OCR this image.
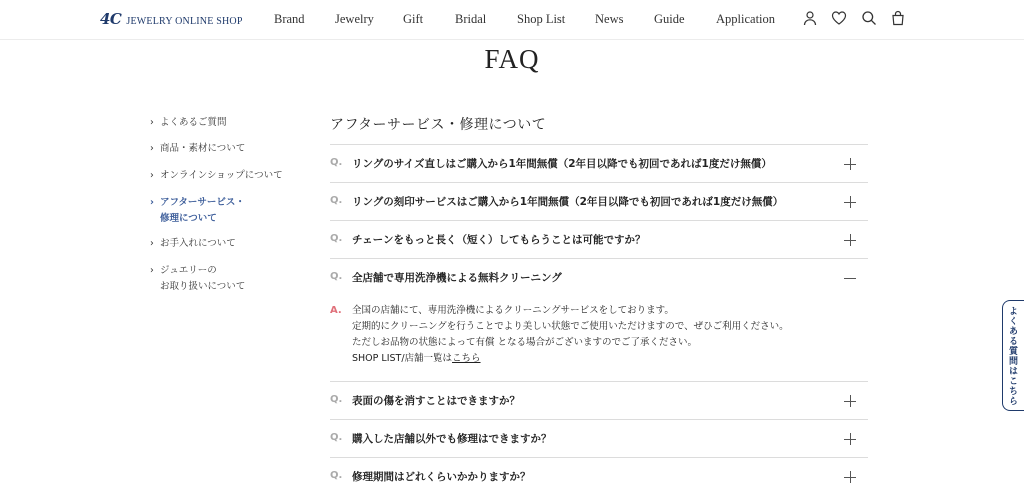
4C JEWELRY ONLINE SHOP	Brand Jewelry Gift	Bridal Shop List News Guide	Application
FAQ
› よくあるご質問
› 商品・素材について
› オンラインショップについて
› アフターサービス・
修理について
› お手入れについて
› ジュエリーの
お取り扱いについて
アフターサービス・修理について
Q. リングのサイズ直しはご購入から1年間無償（2年目以降でも初回であれば1度だけ無償）
Q. リングの刻印サービスはご購入から1年間無償（2年目以降でも初回であれば1度だけ無償）
Q. チェーンをもっと長く（短く）してもらうことは可能ですか？
Q. 全店舗で専用洗浄機による無料クリーニング
A. 全国の店舗にて、専用洗浄機によるクリーニングサービスをしております。
定期的にクリーニングを行うことでより美しい状態でご使用いただけますので、ぜひご利用ください。
ただしお品物の状態によって有償 となる場合がございますのでご了承ください。
SHOP LIST/店舗一覧はこちら
Q. 表面の傷を消すことはできますか？
Q. 購入した店舗以外でも修理はできますか？
Q. 修理期間はどれくらいかかりますか？
よくある質問はこちら
